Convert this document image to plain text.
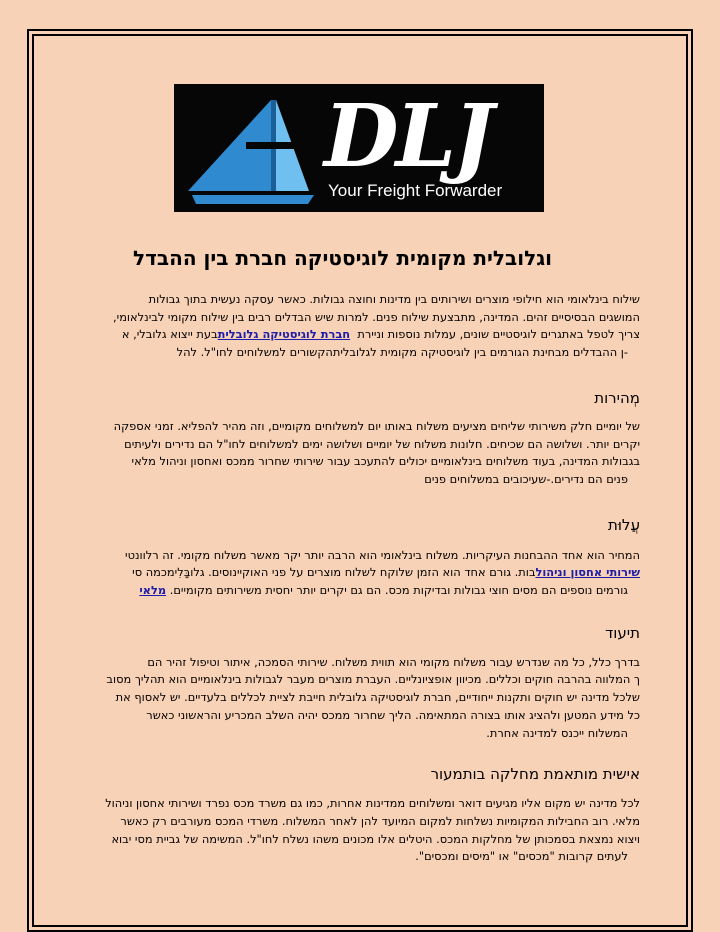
DLJ
Your Freight Forwarder
וגלובלית מקומית לוגיסטיקה חברת בין ההבדל
שילוח בינלאומי הוא חילופי מוצרים ושירותים בין מדינות וחוצה גבולות. כאשר עסקה נעשית בתוך גבולות
המושגים הבסיסיים זהים. המדינה, מתבצעת שילוח פנים. למרות שיש הבדלים רבים בין שילוח מקומי לבינלאומי,
צריך לטפל באתגרים לוגיסטיים שונים, עמלות נוספות וניירת  חברת לוגיסטיקה גלובליתבעת ייצוא גלובלי, א
-ן ההבדלים מבחינת הגורמים בין לוגיסטיקה מקומית לגלובליתהקשורים למשלוחים לחו"ל. להל
מְהירות
של יומיים חלק משירותי שליחים מציעים משלוח באותו יום למשלוחים מקומיים, וזה מהיר להפליא. זמני אספקה
יקרים יותר. ושלושה הם שכיחים. חלונות משלוח של יומיים ושלושה ימים למשלוחים לחו"ל הם נדירים ולעיתים
בגבולות המדינה, בעוד משלוחים בינלאומיים יכולים להתעכב עבור שירותי שחרור ממכס ואחסון וניהול מלאי
פנים הם נדירים.-שעיכובים במשלוחים פנים
עֲלוּת
המחיר הוא אחד ההבחנות העיקריות. משלוח בינלאומי הוא הרבה יותר יקר מאשר משלוח מקומי. זה רלוונטי
שירותי אחסון וניהולבות. גורם אחד הוא הזמן שלוקח לשלוח מוצרים על פני האוקיינוסים. גלובָּלִימכמה סי
גורמים נוספים הם מסים חוצי גבולות ובדיקות מכס. הם גם יקרים יותר יחסית משירותים מקומיים. מלאי
תיעוד
בדרך כלל, כל מה שנדרש עבור משלוח מקומי הוא תווית משלוח. שירותי הסמכה, איתור וטיפול זהיר הם
ך המלווה בהרבה חוקים וכללים. מכיוון אופציונליים. העברת מוצרים מעבר לגבולות בינלאומיים הוא תהליך מסוב
שלכל מדינה יש חוקים ותקנות ייחודיים, חברת לוגיסטיקה גלובלית חייבת לציית לכללים בלעדיים. יש לאסוף את
כל מידע המטען ולהציג אותו בצורה המתאימה. הליך שחרור ממכס יהיה השלב המכריע והראשוני כאשר
המשלוח ייכנס למדינה אחרת.
אישית מותאמת מחלקה בותמעור
לכל מדינה יש מקום אליו מגיעים דואר ומשלוחים ממדינות אחרות, כמו גם משרד מכס נפרד ושירותי אחסון וניהול
מלאי. רוב החבילות המקומיות נשלחות למקום המיועד להן לאחר המשלוח. משרדי המכס מעורבים רק כאשר
ויצוא נמצאת בסמכותן של מחלקות המכס. היטלים אלו מכונים משהו נשלח לחו"ל. המשימה של גביית מסי יבוא
לעתים קרובות "מכסים" או "מיסים ומכסים".
